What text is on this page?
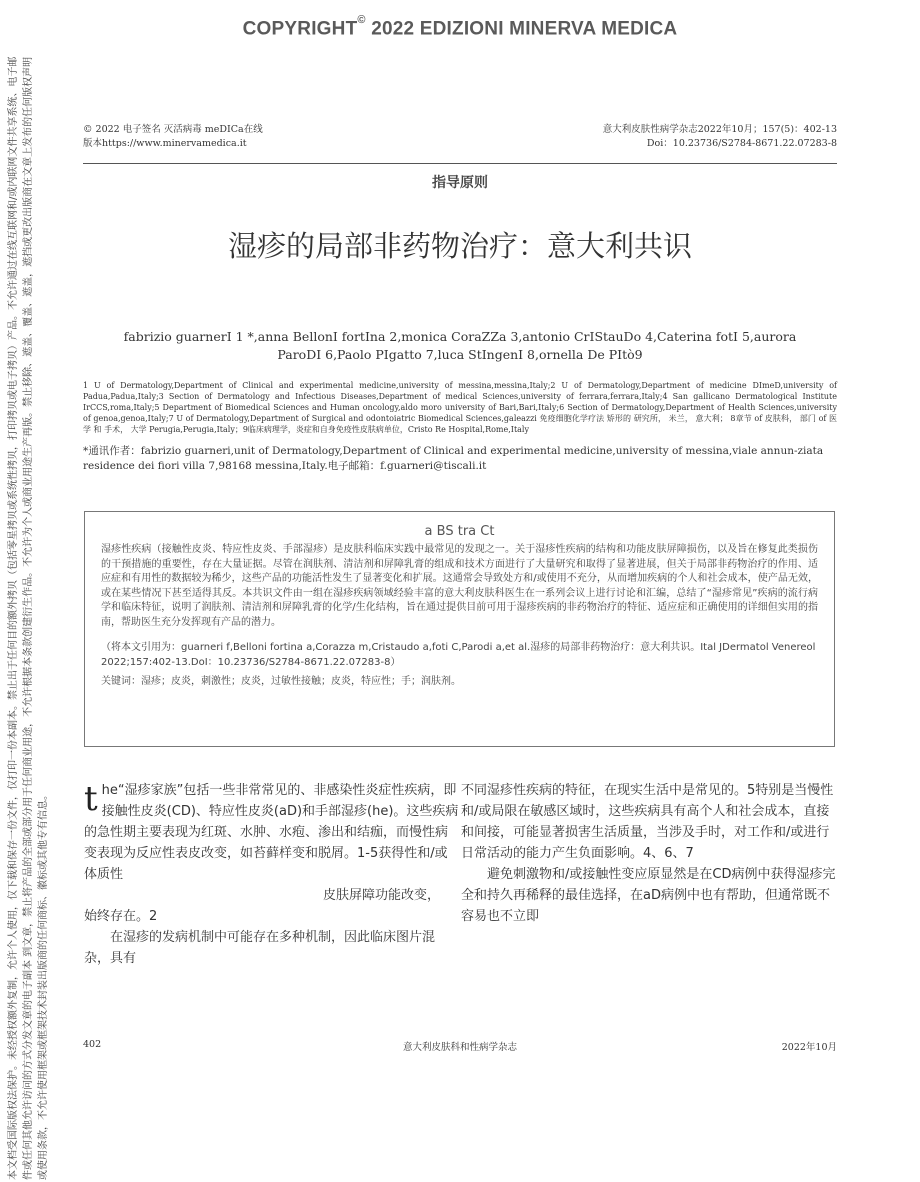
COPYRIGHT© 2022 EDIZIONI MINERVA MEDICA
本文档受国际版权法保护。未经授权额外复制，允许个人使用，仅下载和保存一份文件，仅打印一份本副本。禁止出于任何目的额外拷贝（包括零星拷贝或系统性拷贝，打印拷贝或电子拷贝）产品。不允许通过在线互联网和/或内联网文件共享系统、电子邮件或任何其他允许访问的方式分发文章的电子副本 到文章，禁止将产品的全部或部分用于任何商业用途，不允许根据本条款创建衍生作品。不允许为个人或商业用途生产再版。禁止移除、遮盖、覆盖、遮盖，遮挡或更改出版商在文章上发布的任何版权声明或使用条款，不允许使用框架或框架技术封装出版商的任何商标、徽标或其他专有信息。
© 2022 电子签名 灭活病毒 meDICa在线
版本https://www.minervamedica.it
意大利皮肤性病学杂志2022年10月；157(5)：402-13
Doi：10.23736/S2784-8671.22.07283-8
指导原则
湿疹的局部非药物治疗：意大利共识
fabrizio guarnerI 1 *,anna BellonI fortIna 2,monica CoraZZa 3,antonio CrIStauDo 4,Caterina fotI 5,aurora ParoDI 6,Paolo PIgatto 7,luca StIngenI 8,ornella De PItò9
1 U of Dermatology,Department of Clinical and experimental medicine,university of messina,messina,Italy;2 U of Dermatology,Department of medicine DImeD,university of Padua,Padua,Italy;3 Section of Dermatology and Infectious Diseases,Department of medical Sciences,university of ferrara,ferrara,Italy;4 San gallicano Dermatological Institute IrCCS,roma,Italy;5 Department of Biomedical Sciences and Human oncology,aldo moro university of Bari,Bari,Italy;6 Section of Dermatology,Department of Health Sciences,university of genoa,genoa,Italy;7 U of Dermatology,Department of Surgical and odontoiatric Biomedical Sciences,galeazzi 免疫细胞化学疗法 矫形的 研究所， 米兰， 意大利； 8章节 of 皮肤科， 部门 of 医学 和 手术， 大学 Perugia,Perugia,Italy；9临床病理学，炎症和自身免疫性皮肤病单位，Cristo Re Hospital,Rome,Italy
*通讯作者：fabrizio guarneri,unit of Dermatology,Department of Clinical and experimental medicine,university of messina,viale annun-ziata residence dei fiori villa 7,98168 messina,Italy.电子邮箱：f.guarneri@tiscali.it
a BS tra Ct
湿疹性疾病（接触性皮炎、特应性皮炎、手部湿疹）是皮肤科临床实践中最常见的发现之一。关于湿疹性疾病的结构和功能皮肤屏障损伤，以及旨在修复此类损伤的干预措施的重要性，存在大量证据。尽管在润肤剂、清洁剂和屏障乳膏的组成和技术方面进行了大量研究和取得了显著进展，但关于局部非药物治疗的作用、适应症和有用性的数据较为稀少，这些产品的功能活性发生了显著变化和扩展。这通常会导致处方和/或使用不充分，从而增加疾病的个人和社会成本，使产品无效，或在某些情况下甚至适得其反。本共识文件由一组在湿疹疾病领域经验丰富的意大利皮肤科医生在一系列会议上进行讨论和汇编，总结了“湿疹常见”疾病的流行病学和临床特征，说明了润肤剂、清洁剂和屏障乳膏的化学/生化结构，旨在通过提供目前可用于湿疹疾病的非药物治疗的特征、适应症和正确使用的详细但实用的指南，帮助医生充分发挥现有产品的潜力。
（将本文引用为：guarneri f,Belloni fortina a,Corazza m,Cristaudo a,foti C,Parodi a,et al.湿疹的局部非药物治疗：意大利共识。Ital JDermatol Venereol 2022;157:402-13.DoI：10.23736/S2784-8671.22.07283-8）
关键词：湿疹；皮炎，刺激性；皮炎，过敏性接触；皮炎，特应性；手；润肤剂。

the“湿疹家族”包括一些非常常见的、非感染性炎症性疾病，即接触性皮炎(CD)、特应性皮炎(aD)和手部湿疹(he)。这些疾病的急性期主要表现为红斑、水肿、水疱、渗出和结痂，而慢性病变表现为反应性表皮改变，如苔藓样变和脱屑。1-5获得性和/或体质性

皮肤屏障功能改变，

始终存在。2

在湿疹的发病机制中可能存在多种机制，因此临床图片混杂，具有

不同湿疹性疾病的特征，在现实生活中是常见的。5特别是当慢性和/或局限在敏感区域时，这些疾病具有高个人和社会成本，直接和间接，可能显著损害生活质量，当涉及手时，对工作和/或进行日常活动的能力产生负面影响。4、6、7

避免刺激物和/或接触性变应原显然是在CD病例中获得湿疹完全和持久再稀释的最佳选择，在aD病例中也有帮助，但通常既不容易也不立即

402	意大利皮肤科和性病学杂志	2022年10月
